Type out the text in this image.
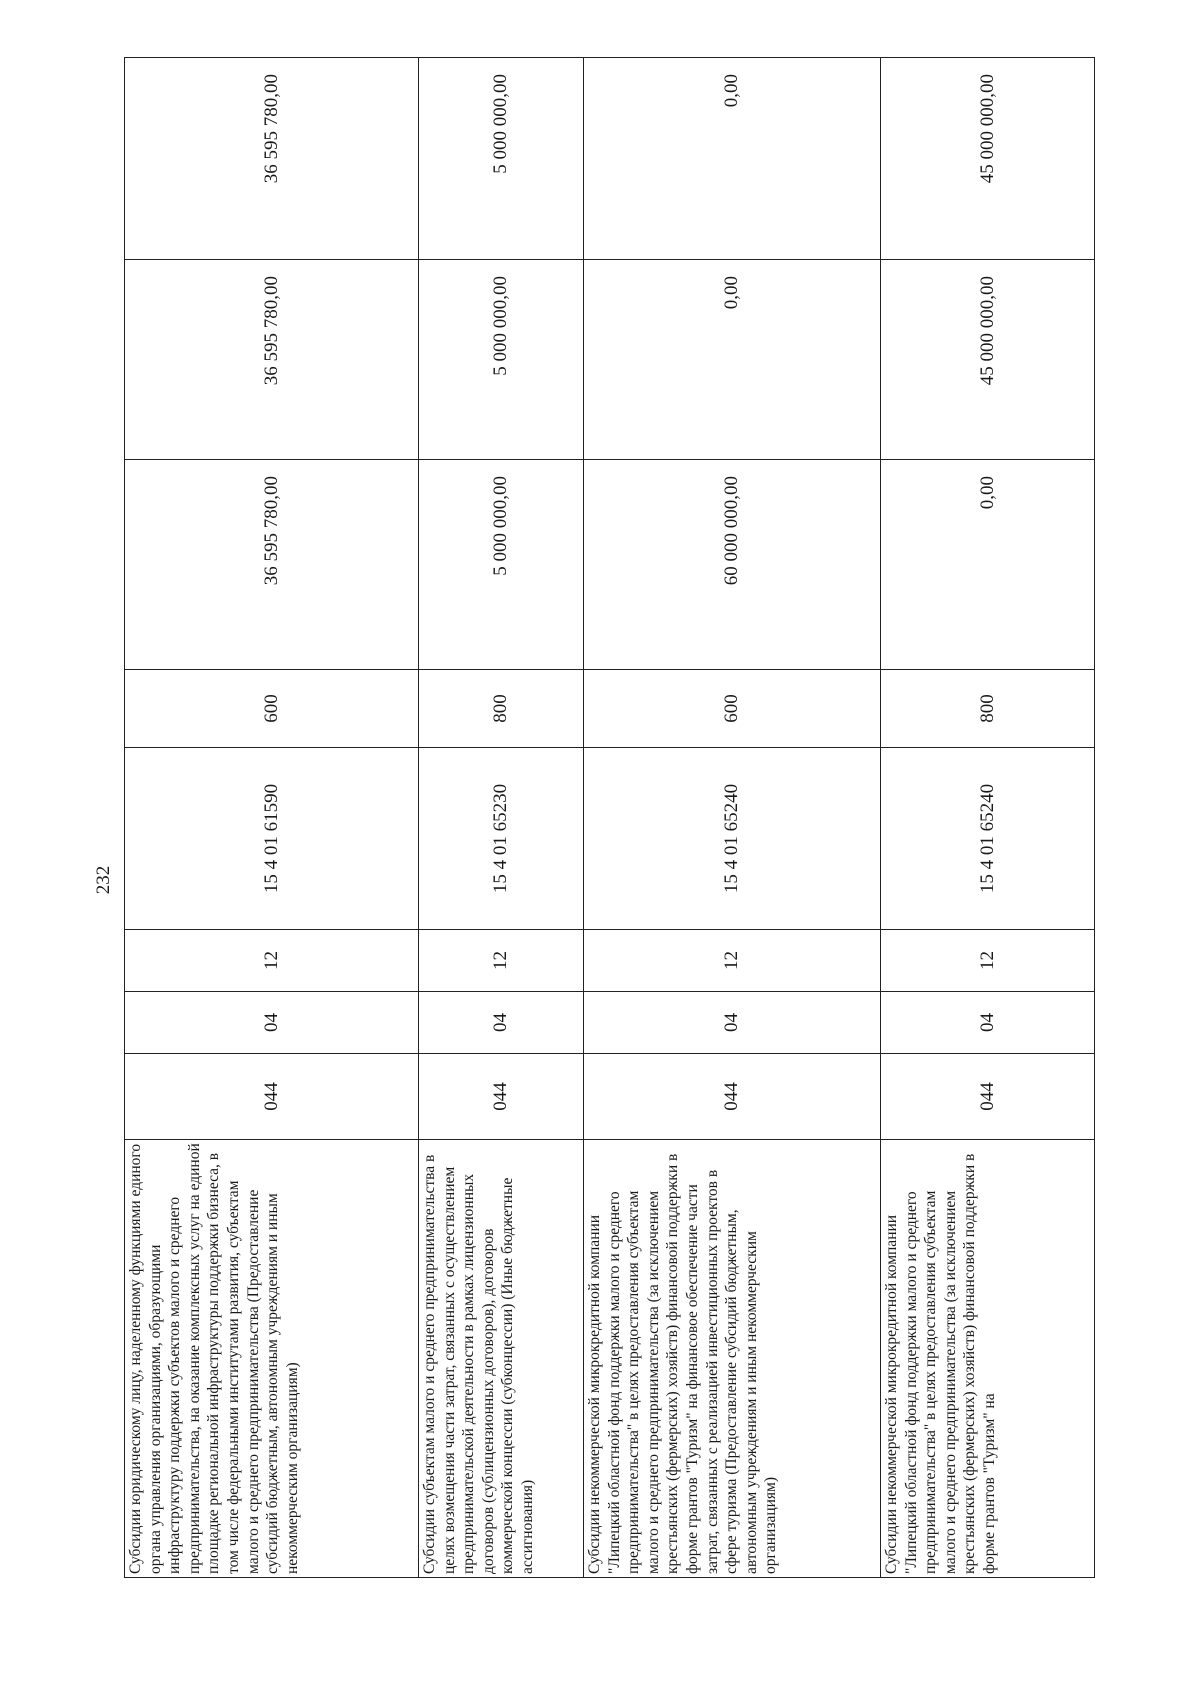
232
Субсидии юридическому лицу, наделенному функциями единого органа управления организациями, образующими инфраструктуру поддержки субъектов малого и среднего предпринимательства, на оказание комплексных услуг на единой площадке региональной инфраструктуры поддержки бизнеса, в том числе федеральными институтами развития, субъектам малого и среднего предпринимательства (Предоставление субсидий бюджетным, автономным учреждениям и иным некоммерческим организациям)	044	04	12	15 4 01 61590	600	36 595 780,00	36 595 780,00	36 595 780,00
Субсидии субъектам малого и среднего предпринимательства в целях возмещения части затрат, связанных с осуществлением предпринимательской деятельности в рамках лицензионных договоров (сублицензионных договоров), договоров коммерческой концессии (субконцессии) (Иные бюджетные ассигнования)	044	04	12	15 4 01 65230	800	5 000 000,00	5 000 000,00	5 000 000,00
Субсидии некоммерческой микрокредитной компании "Липецкий областной фонд поддержки малого и среднего предпринимательства" в целях предоставления субъектам малого и среднего предпринимательства (за исключением крестьянских (фермерских) хозяйств) финансовой поддержки в форме грантов "Туризм" на финансовое обеспечение части затрат, связанных с реализацией инвестиционных проектов в сфере туризма (Предоставление субсидий бюджетным, автономным учреждениям и иным некоммерческим организациям)	044	04	12	15 4 01 65240	600	60 000 000,00	0,00	0,00
Субсидии некоммерческой микрокредитной компании "Липецкий областной фонд поддержки малого и среднего предпринимательства" в целях предоставления субъектам малого и среднего предпринимательства (за исключением крестьянских (фермерских) хозяйств) финансовой поддержки в форме грантов "Туризм" на	044	04	12	15 4 01 65240	800	0,00	45 000 000,00	45 000 000,00
